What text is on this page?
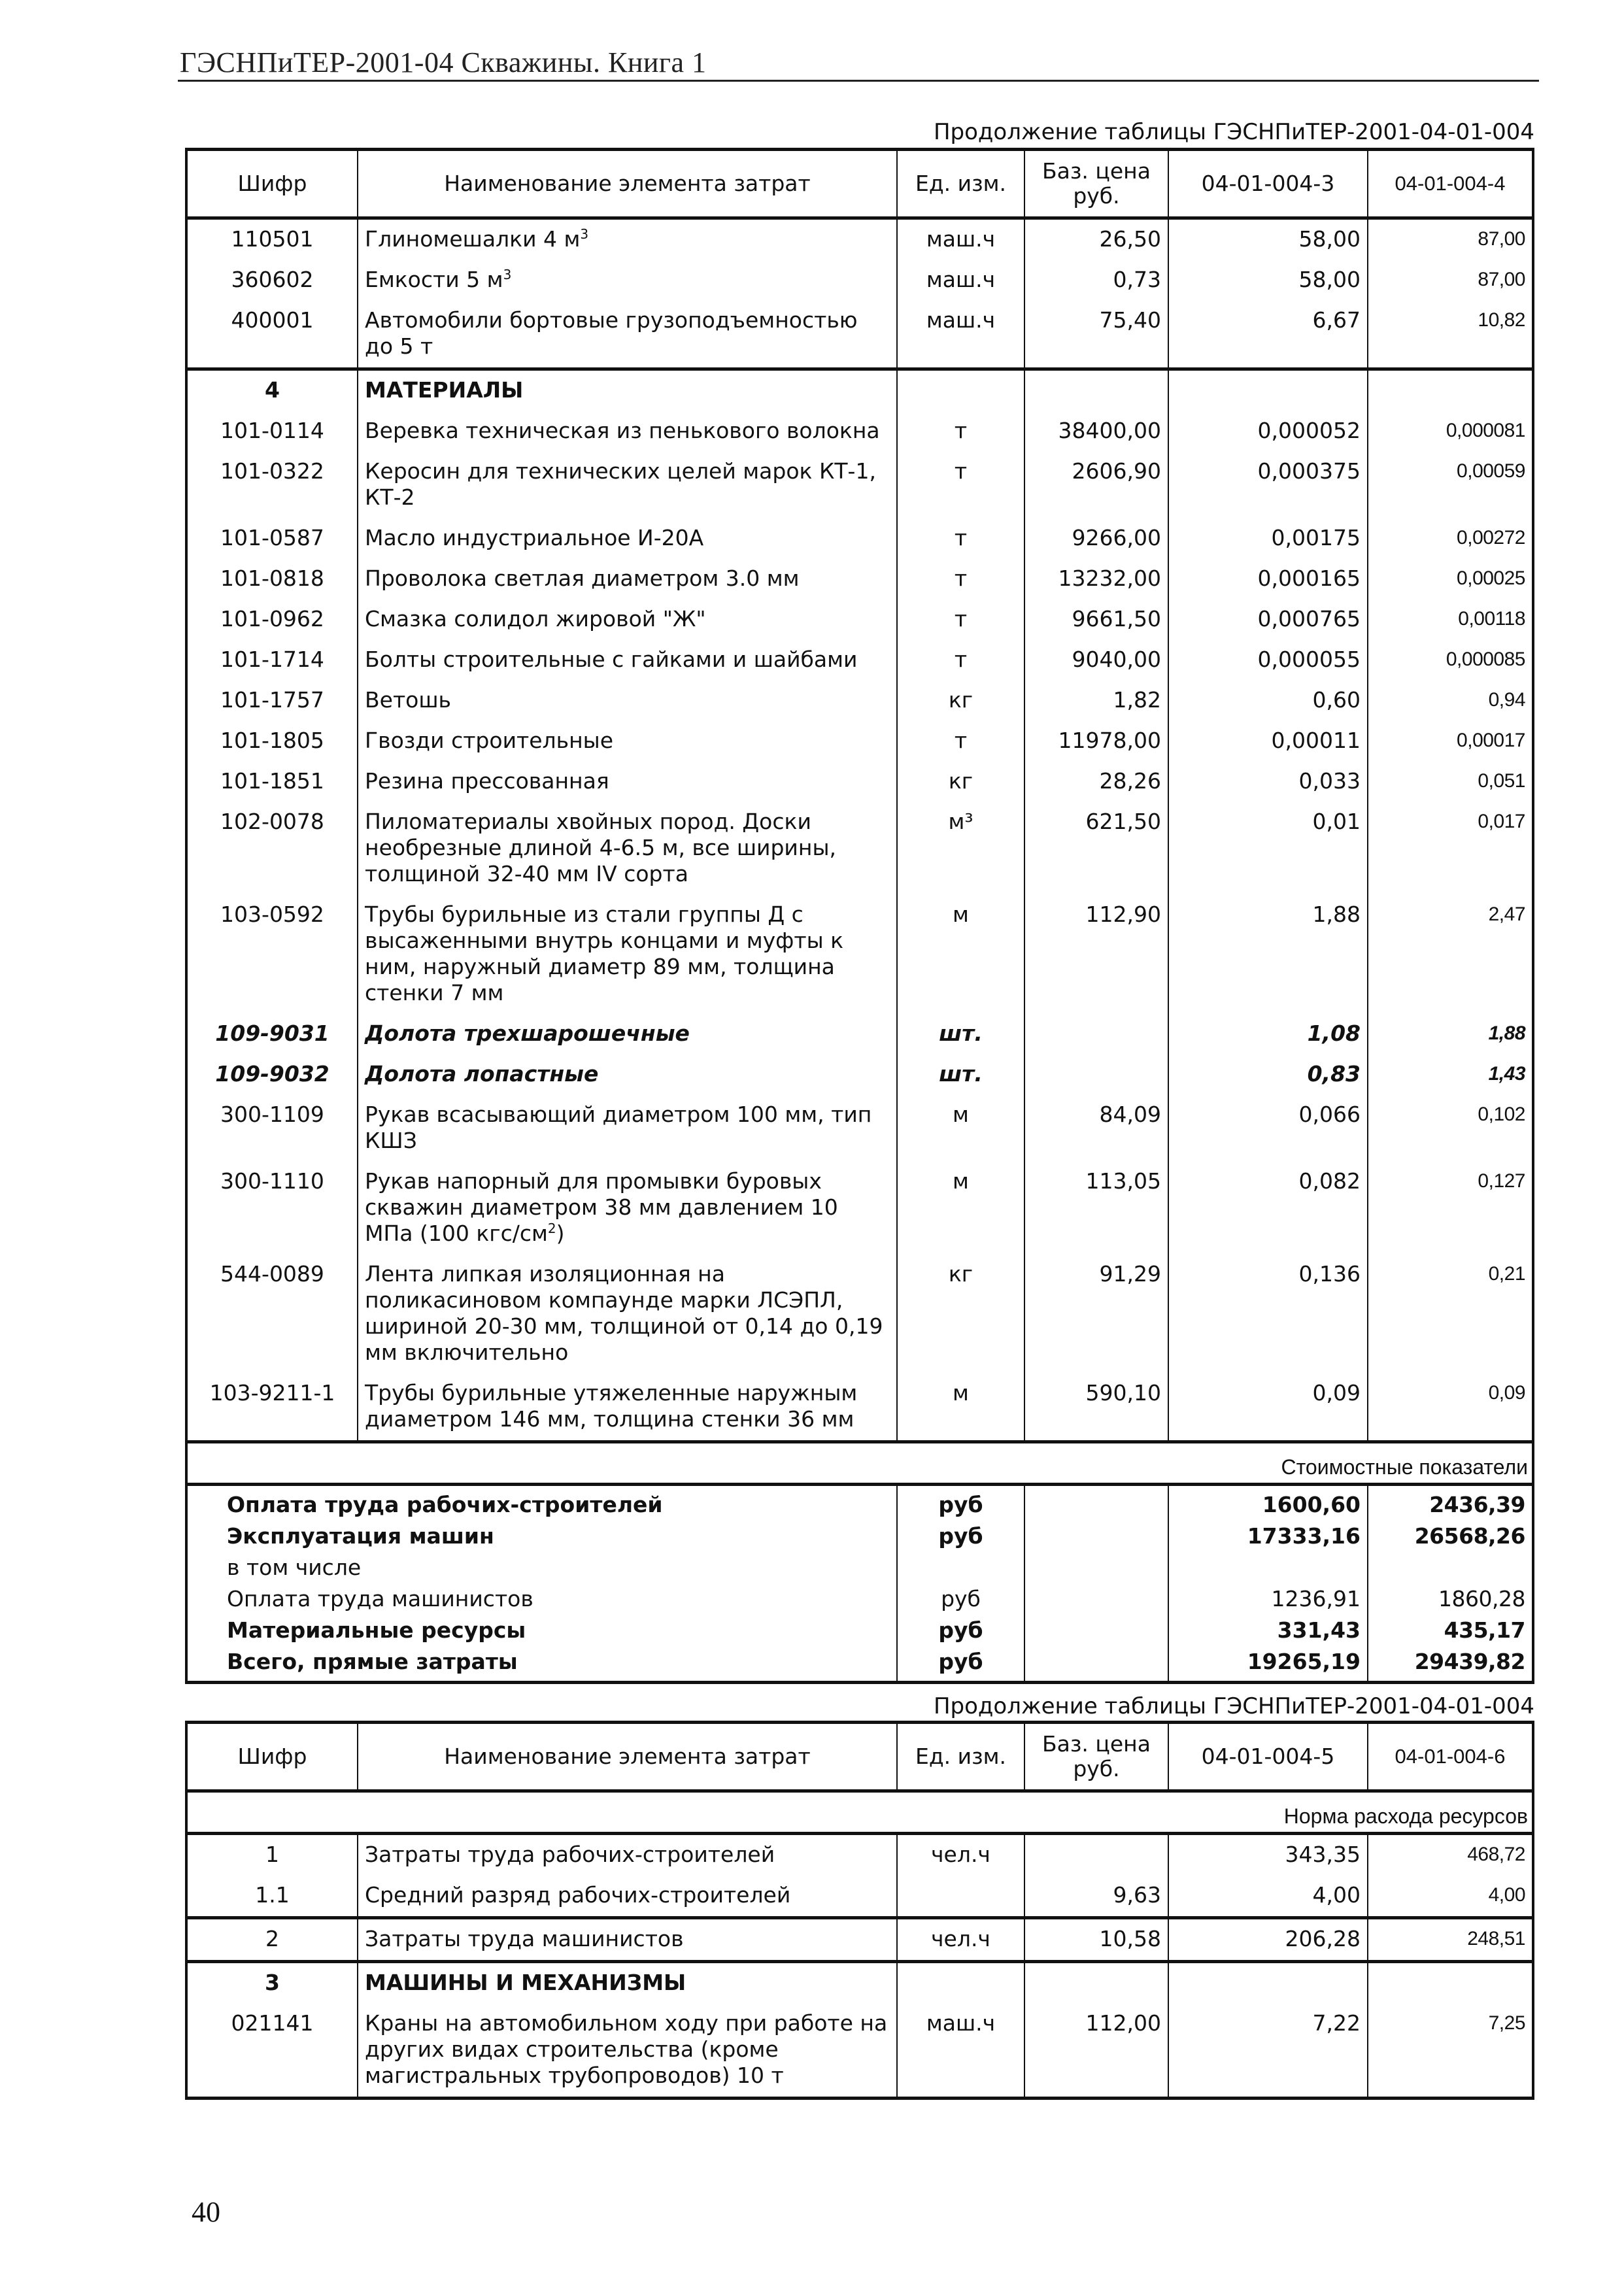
ГЭСНПиТЕР-2001-04 Скважины. Книга 1
Продолжение таблицы ГЭСНПиТЕР-2001-04-01-004
Шифр	Наименование элемента затрат	Ед. изм.	Баз. цена
руб.	04-01-004-3	04-01-004-4
110501	Глиномешалки 4 $м^3$	маш.ч	26,50	58,00	87,00
360602	Емкости 5 $м^3$	маш.ч	0,73	58,00	87,00
400001	Автомобили бортовые грузоподъемностью до 5 т	маш.ч	75,40	6,67	10,82
4	МАТЕРИАЛЫ				
101-0114	Веревка техническая из пенькового волокна	т	38400,00	0,000052	0,000081
101-0322	Керосин для технических целей марок КТ-1, КТ-2	т	2606,90	0,000375	0,00059
101-0587	Масло индустриальное И-20А	т	9266,00	0,00175	0,00272
101-0818	Проволока светлая диаметром 3.0 мм	т	13232,00	0,000165	0,00025
101-0962	Смазка солидол жировой "Ж"	т	9661,50	0,000765	0,00118
101-1714	Болты строительные с гайками и шайбами	т	9040,00	0,000055	0,000085
101-1757	Ветошь	кг	1,82	0,60	0,94
101-1805	Гвозди строительные	т	11978,00	0,00011	0,00017
101-1851	Резина прессованная	кг	28,26	0,033	0,051
102-0078	Пиломатериалы хвойных пород. Доски необрезные длиной 4-6.5 м, все ширины, толщиной 32-40 мм IV сорта	м³	621,50	0,01	0,017
103-0592	Трубы бурильные из стали группы Д с высаженными внутрь концами и муфты к ним, наружный диаметр 89 мм, толщина стенки 7 мм	м	112,90	1,88	2,47
109-9031	Долота трехшарошечные	шт.		1,08	1,88
109-9032	Долота лопастные	шт.		0,83	1,43
300-1109	Рукав всасывающий диаметром 100 мм, тип КШЗ	м	84,09	0,066	0,102
300-1110	Рукав напорный для промывки буровых скважин диаметром 38 мм давлением 10 МПа (100 кгс/$см^2$)	м	113,05	0,082	0,127
544-0089	Лента липкая изоляционная на поликасиновом компаунде марки ЛСЭПЛ, шириной 20-30 мм, толщиной от 0,14 до 0,19 мм включительно	кг	91,29	0,136	0,21
103-9211-1	Трубы бурильные утяжеленные наружным диаметром 146 мм, толщина стенки 36 мм	м	590,10	0,09	0,09
Стоимостные показатели					
Оплата труда рабочих-строителей		руб		1600,60	2436,39
Эксплуатация машин		руб		17333,16	26568,26
в том числе					
Оплата труда машинистов		руб		1236,91	1860,28
Материальные ресурсы		руб		331,43	435,17
Всего, прямые затраты		руб		19265,19	29439,82
Продолжение таблицы ГЭСНПиТЕР-2001-04-01-004
Шифр	Наименование элемента затрат	Ед. изм.	Баз. цена
руб.	04-01-004-5	04-01-004-6
Норма расхода ресурсов					
1	Затраты труда рабочих-строителей	чел.ч		343,35	468,72
1.1	Средний разряд рабочих-строителей		9,63	4,00	4,00
2	Затраты труда машинистов	чел.ч	10,58	206,28	248,51
3	МАШИНЫ И МЕХАНИЗМЫ				
021141	Краны на автомобильном ходу при работе на других видах строительства (кроме магистральных трубопроводов) 10 т	маш.ч	112,00	7,22	7,25
40
